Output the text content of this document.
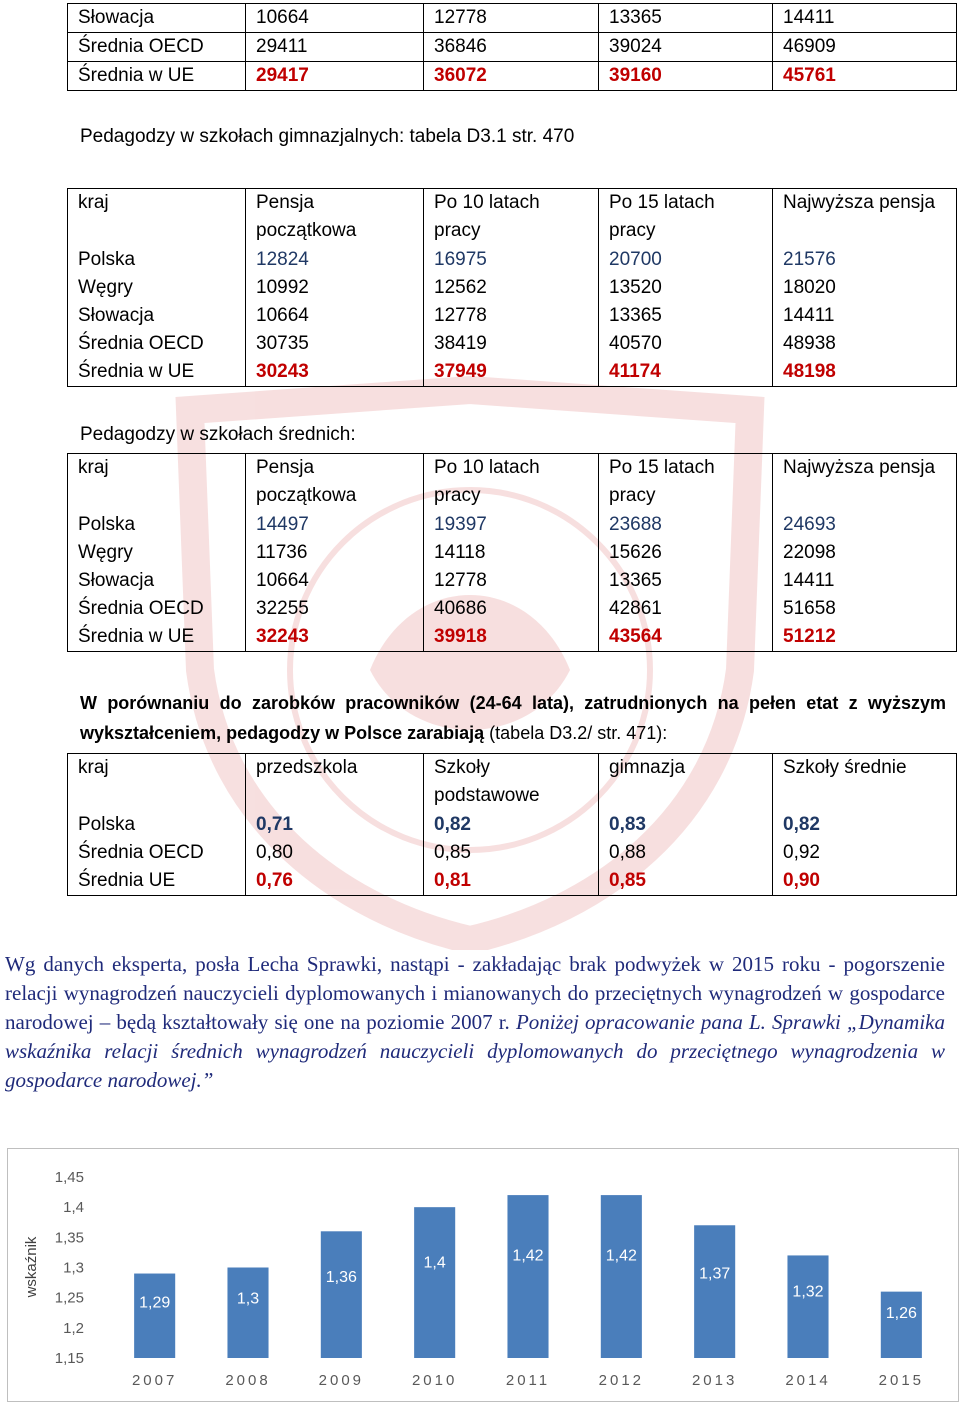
Słowacja	10664	12778	13365	14411
Średnia OECD	29411	36846	39024	46909
Średnia w UE	29417	36072	39160	45761
Pedagodzy w szkołach gimnazjalnych: tabela D3.1 str. 470
kraj	Pensja początkowa	Po 10 latach pracy	Po 15 latach pracy	Najwyższa pensja
Polska	12824	16975	20700	21576
Węgry	10992	12562	13520	18020
Słowacja	10664	12778	13365	14411
Średnia OECD	30735	38419	40570	48938
Średnia w UE	30243	37949	41174	48198
Pedagodzy w szkołach średnich:
kraj	Pensja początkowa	Po 10 latach pracy	Po 15 latach pracy	Najwyższa pensja
Polska	14497	19397	23688	24693
Węgry	11736	14118	15626	22098
Słowacja	10664	12778	13365	14411
Średnia OECD	32255	40686	42861	51658
Średnia w UE	32243	39918	43564	51212
W porównaniu do zarobków pracowników (24-64 lata), zatrudnionych na pełen etat z wyższym wykształceniem, pedagodzy w Polsce zarabiają (tabela D3.2/ str. 471):
kraj	przedszkola	Szkoły podstawowe	gimnazja	Szkoły średnie
Polska	0,71	0,82	0,83	0,82
Średnia OECD	0,80	0,85	0,88	0,92
Średnia UE	0,76	0,81	0,85	0,90
Wg danych eksperta, posła Lecha Sprawki, nastąpi - zakładając brak podwyżek w 2015 roku - pogorszenie relacji wynagrodzeń nauczycieli dyplomowanych i mianowanych do przeciętnych wynagrodzeń w gospodarce narodowej – będą kształtowały się one na poziomie 2007 r. Poniżej opracowanie pana L. Sprawki „Dynamika wskaźnika relacji średnich wynagrodzeń nauczycieli dyplomowanych do przeciętnego wynagrodzenia w gospodarce narodowej.”
wskaźnik
1,15
1,2
1,25
1,3
1,35
1,4
1,45
1,29
2007
1,3
2008
1,36
2009
1,4
2010
1,42
2011
1,42
2012
1,37
2013
1,32
2014
1,26
2015
